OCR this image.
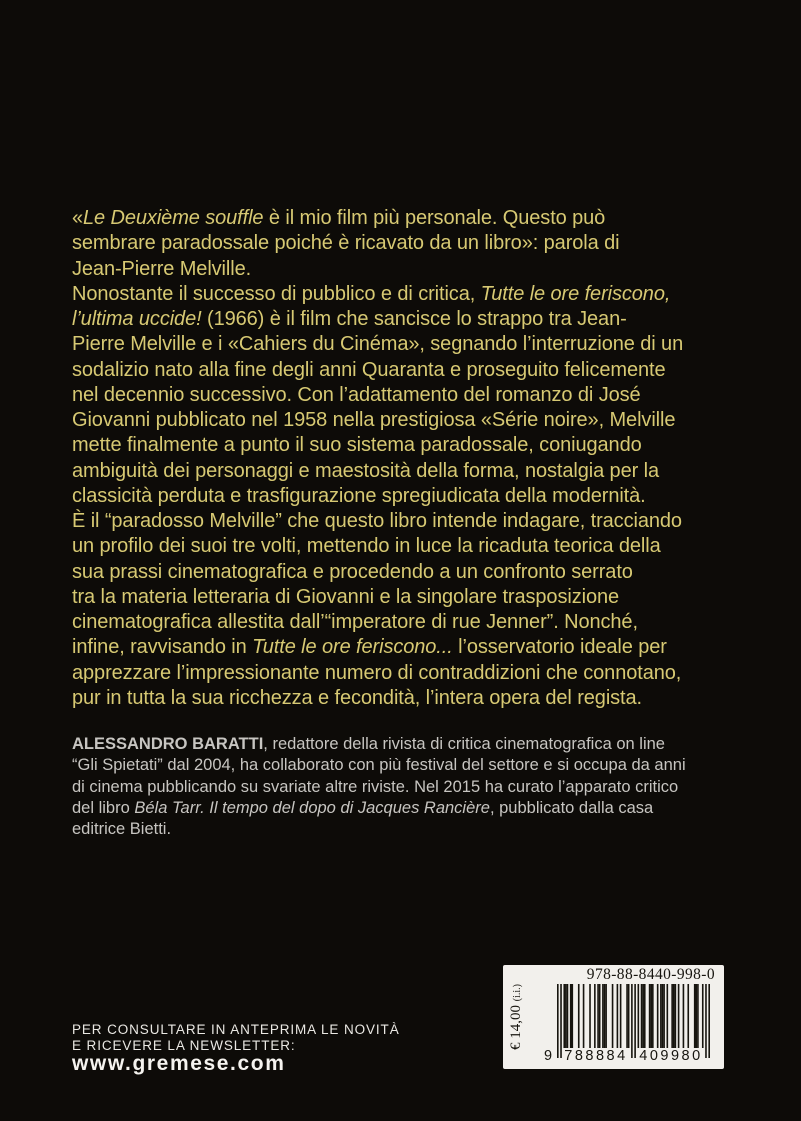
«Le Deuxième souffle è il mio film più personale. Questo può
sembrare paradossale poiché è ricavato da un libro»: parola di
Jean-Pierre Melville.
Nonostante il successo di pubblico e di critica, Tutte le ore feriscono,
l’ultima uccide! (1966) è il film che sancisce lo strappo tra Jean-
Pierre Melville e i «Cahiers du Cinéma», segnando l’interruzione di un
sodalizio nato alla fine degli anni Quaranta e proseguito felicemente
nel decennio successivo. Con l’adattamento del romanzo di José
Giovanni pubblicato nel 1958 nella prestigiosa «Série noire», Melville
mette finalmente a punto il suo sistema paradossale, coniugando
ambiguità dei personaggi e maestosità della forma, nostalgia per la
classicità perduta e trasfigurazione spregiudicata della modernità.
È il “paradosso Melville” che questo libro intende indagare, tracciando
un profilo dei suoi tre volti, mettendo in luce la ricaduta teorica della
sua prassi cinematografica e procedendo a un confronto serrato
tra la materia letteraria di Giovanni e la singolare trasposizione
cinematografica allestita dall’“imperatore di rue Jenner”. Nonché,
infine, ravvisando in Tutte le ore feriscono... l’osservatorio ideale per
apprezzare l’impressionante numero di contraddizioni che connotano,
pur in tutta la sua ricchezza e fecondità, l’intera opera del regista.
ALESSANDRO BARATTI, redattore della rivista di critica cinematografica on line
“Gli Spietati” dal 2004, ha collaborato con più festival del settore e si occupa da anni
di cinema pubblicando su svariate altre riviste. Nel 2015 ha curato l’apparato critico
del libro Béla Tarr. Il tempo del dopo di Jacques Rancière, pubblicato dalla casa
editrice Bietti.
PER CONSULTARE IN ANTEPRIMA LE NOVITÀ
E RICEVERE LA NEWSLETTER:
www.gremese.com
978-88-8440-998-0
€ 14,00 (i.i.)
9 788884 409980
